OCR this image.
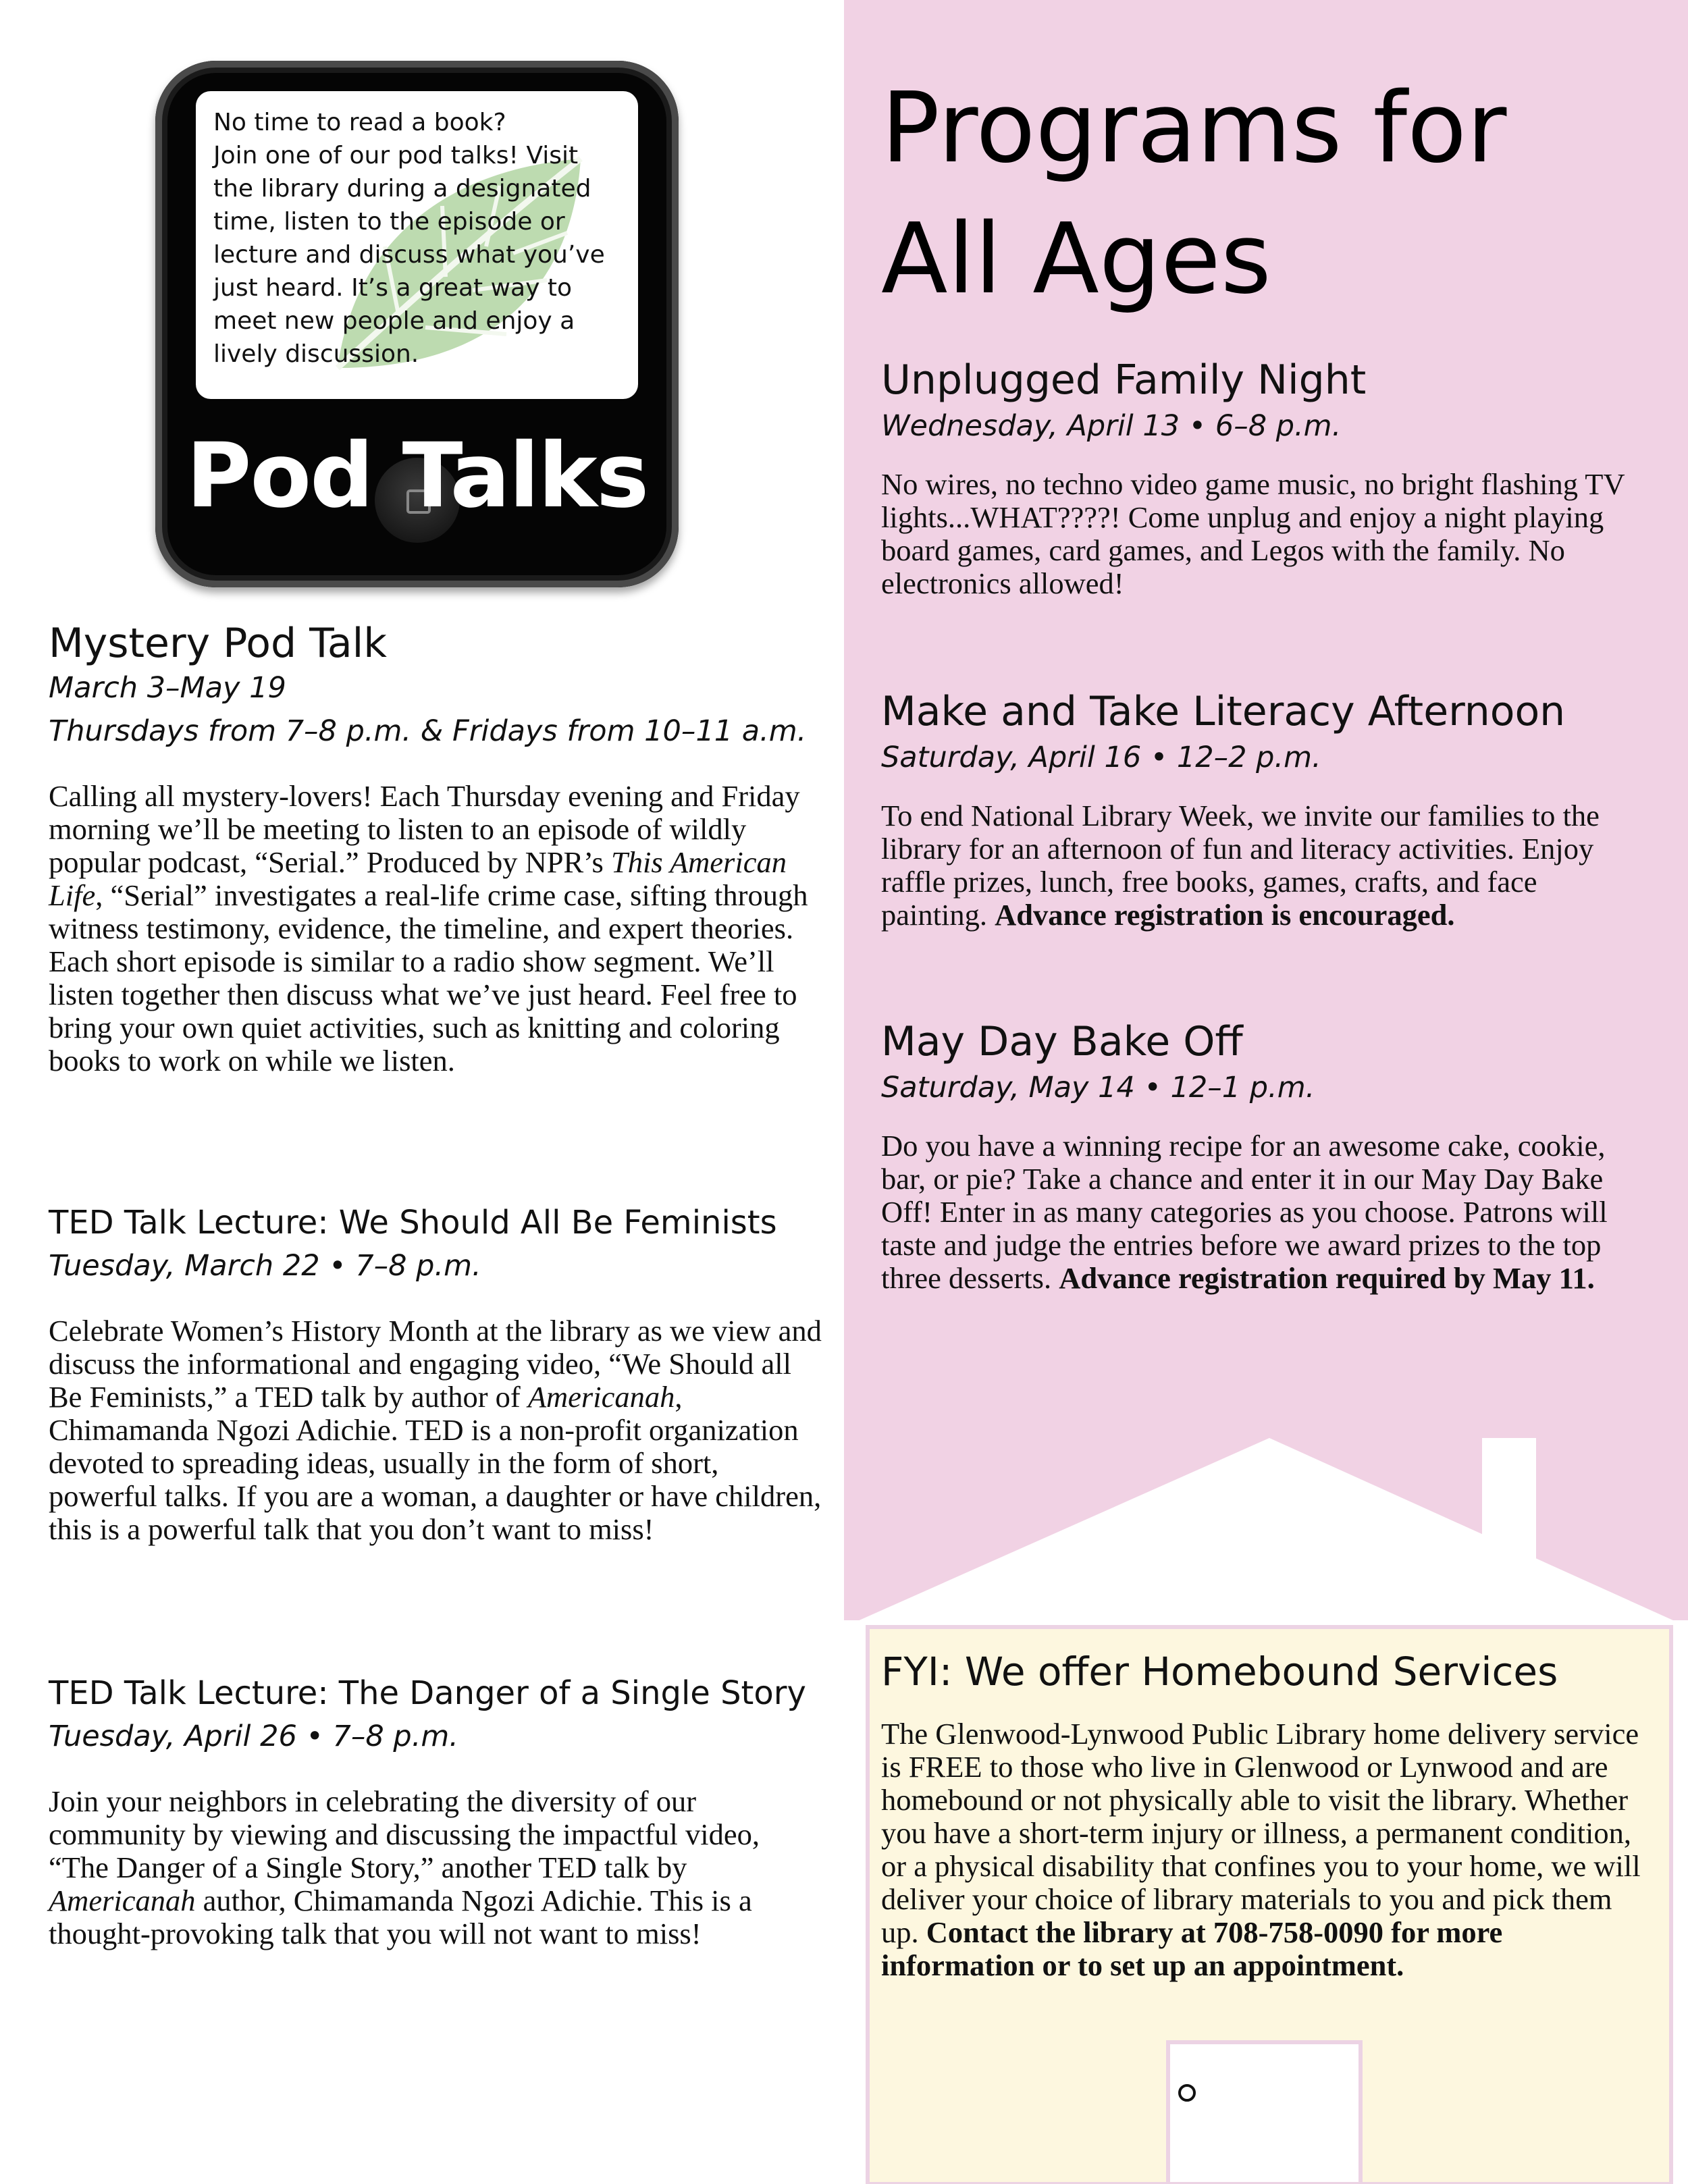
No time to read a book?
Join one of our pod talks! Visit
the library during a designated
time, listen to the episode or
lecture and discuss what you’ve
just heard. It’s a great way to
meet new people and enjoy a
lively discussion.

Pod Talks
Mystery Pod Talk
March 3–May 19
Thursdays from 7–8 p.m. & Fridays from 10–11 a.m.

Calling all mystery-lovers! Each Thursday evening and Friday morning we’ll be meeting to listen to an episode of wildly popular podcast, “Serial.” Produced by NPR’s This American Life, “Serial” investigates a real-life crime case, sifting through witness testimony, evidence, the timeline, and expert theories. Each short episode is similar to a radio show segment. We’ll listen together then discuss what we’ve just heard. Feel free to bring your own quiet activities, such as knitting and coloring books to work on while we listen.

TED Talk Lecture: We Should All Be Feminists
Tuesday, March 22 • 7–8 p.m.

Celebrate Women’s History Month at the library as we view and discuss the informational and engaging video, “We Should all Be Feminists,” a TED talk by author of Americanah, Chimamanda Ngozi Adichie. TED is a non-profit organization devoted to spreading ideas, usually in the form of short, powerful talks. If you are a woman, a daughter or have children, this is a powerful talk that you don’t want to miss!

TED Talk Lecture: The Danger of a Single Story
Tuesday, April 26 • 7–8 p.m.

Join your neighbors in celebrating the diversity of our community by viewing and discussing the impactful video, “The Danger of a Single Story,” another TED talk by Americanah author, Chimamanda Ngozi Adichie. This is a thought-provoking talk that you will not want to miss!

Programs for
All Ages
Unplugged Family Night
Wednesday, April 13 • 6–8 p.m.

No wires, no techno video game music, no bright flashing TV lights...WHAT????! Come unplug and enjoy a night playing board games, card games, and Legos with the family. No electronics allowed!

Make and Take Literacy Afternoon
Saturday, April 16 • 12–2 p.m.

To end National Library Week, we invite our families to the library for an afternoon of fun and literacy activities. Enjoy raffle prizes, lunch, free books, games, crafts, and face painting. Advance registration is encouraged.

May Day Bake Off
Saturday, May 14 • 12–1 p.m.

Do you have a winning recipe for an awesome cake, cookie, bar, or pie? Take a chance and enter it in our May Day Bake Off! Enter in as many categories as you choose. Patrons will taste and judge the entries before we award prizes to the top three desserts. Advance registration required by May 11.

FYI: We offer Homebound Services

The Glenwood-Lynwood Public Library home delivery service is FREE to those who live in Glenwood or Lynwood and are homebound or not physically able to visit the library. Whether you have a short-term injury or illness, a permanent condition, or a physical disability that confines you to your home, we will deliver your choice of library materials to you and pick them up. Contact the library at 708-758-0090 for more information or to set up an appointment.
